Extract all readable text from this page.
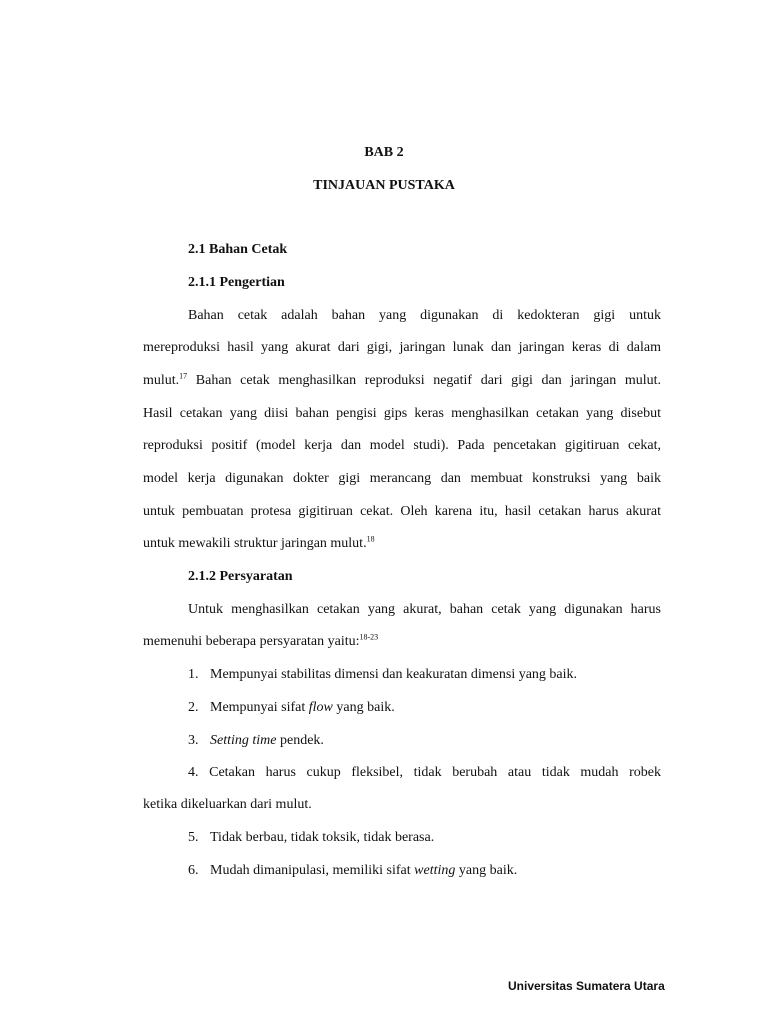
BAB 2
TINJAUAN PUSTAKA
2.1 Bahan Cetak
2.1.1 Pengertian
Bahan cetak adalah bahan yang digunakan di kedokteran gigi untuk
mereproduksi hasil yang akurat dari gigi, jaringan lunak dan jaringan keras di dalam
mulut.$^{17}$ Bahan cetak menghasilkan reproduksi negatif dari gigi dan jaringan mulut.
Hasil cetakan yang diisi bahan pengisi gips keras menghasilkan cetakan yang disebut
reproduksi positif (model kerja dan model studi). Pada pencetakan gigitiruan cekat,
model kerja digunakan dokter gigi merancang dan membuat konstruksi yang baik
untuk pembuatan protesa gigitiruan cekat. Oleh karena itu, hasil cetakan harus akurat
untuk mewakili struktur jaringan mulut.$^{18}$
2.1.2 Persyaratan
Untuk menghasilkan cetakan yang akurat, bahan cetak yang digunakan harus
memenuhi beberapa persyaratan yaitu:$^{18-23}$
1. Mempunyai stabilitas dimensi dan keakuratan dimensi yang baik.
2. Mempunyai sifat flow yang baik.
3. Setting time pendek.
4. Cetakan harus cukup fleksibel, tidak berubah atau tidak mudah robek
ketika dikeluarkan dari mulut.
5. Tidak berbau, tidak toksik, tidak berasa.
6. Mudah dimanipulasi, memiliki sifat wetting yang baik.
Universitas Sumatera Utara
